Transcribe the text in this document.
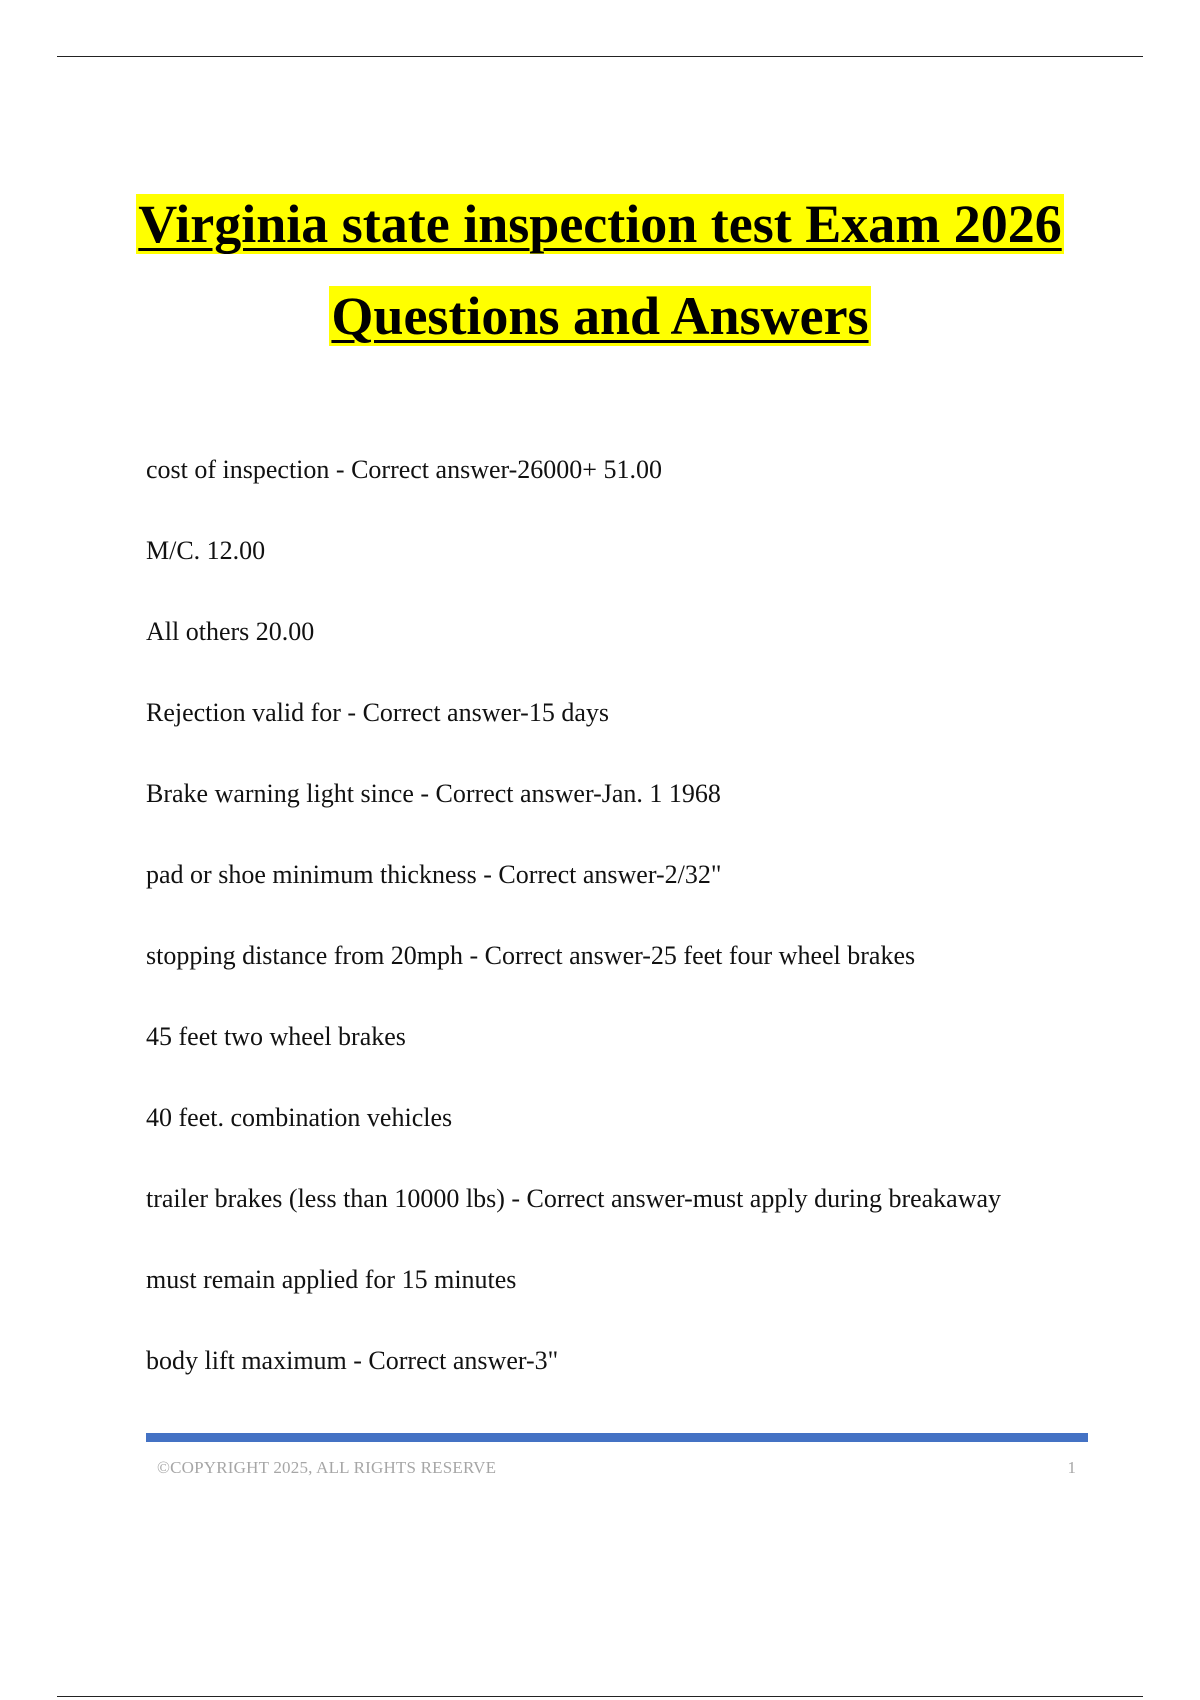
Virginia state inspection test Exam 2026
Questions and Answers
cost of inspection - Correct answer-26000+ 51.00
M/C. 12.00
All others 20.00
Rejection valid for - Correct answer-15 days
Brake warning light since - Correct answer-Jan. 1 1968
pad or shoe minimum thickness - Correct answer-2/32"
stopping distance from 20mph - Correct answer-25 feet four wheel brakes
45 feet two wheel brakes
40 feet. combination vehicles
trailer brakes (less than 10000 lbs) - Correct answer-must apply during breakaway
must remain applied for 15 minutes
body lift maximum - Correct answer-3"
©COPYRIGHT 2025, ALL RIGHTS RESERVE	1
